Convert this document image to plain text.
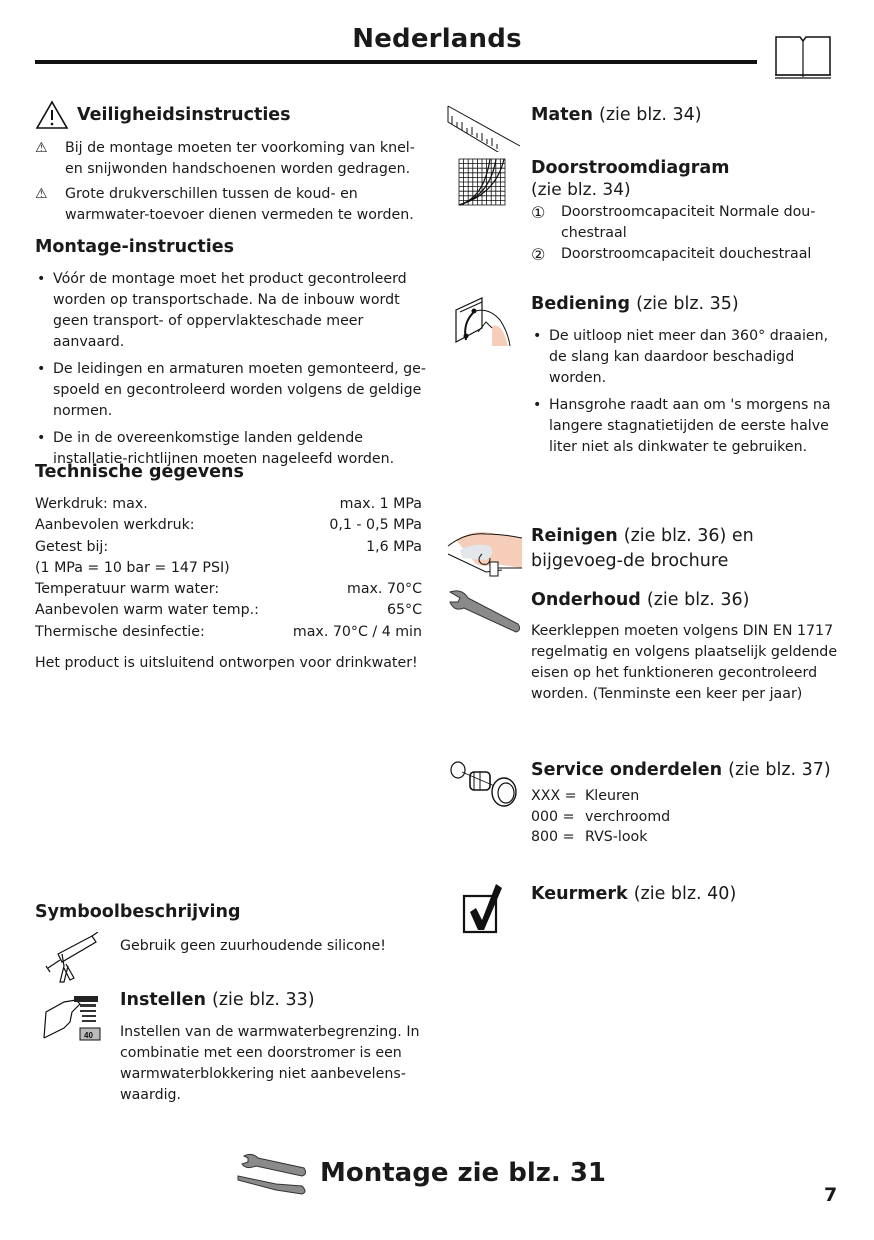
Nederlands
Veiligheidsinstructies
⚠	Bij de montage moeten ter voorkoming van knel- en snijwonden handschoenen worden gedragen.
⚠	Grote drukverschillen tussen de koud- en warmwater-toevoer dienen vermeden te worden.
Montage-instructies
• Vóór de montage moet het product gecontroleerd worden op transportschade. Na de inbouw wordt geen transport- of oppervlakteschade meer aanvaard.
• De leidingen en armaturen moeten gemonteerd, ge-spoeld en gecontroleerd worden volgens de geldige normen.
• De in de overeenkomstige landen geldende installatie-richtlijnen moeten nageleefd worden.
Technische gegevens
Werkdruk: max.	max. 1 MPa
Aanbevolen werkdruk:	0,1 - 0,5 MPa
Getest bij:	1,6 MPa
(1 MPa = 10 bar = 147 PSI)
Temperatuur warm water:	max. 70°C
Aanbevolen warm water temp.:	65°C
Thermische desinfectie:	max. 70°C / 4 min
Het product is uitsluitend ontworpen voor drinkwater!
Symboolbeschrijving
Gebruik geen zuurhoudende silicone!
40
Instellen (zie blz. 33)
Instellen van de warmwaterbegrenzing. In combinatie met een doorstromer is een warmwaterblokkering niet aanbevelens-waardig.
Maten (zie blz. 34)
Doorstroomdiagram
(zie blz. 34)
①	Doorstroomcapaciteit Normale dou-chestraal
②	Doorstroomcapaciteit douchestraal
Bediening (zie blz. 35)
• De uitloop niet meer dan 360° draaien, de slang kan daardoor beschadigd worden.
• Hansgrohe raadt aan om 's morgens na langere stagnatietijden de eerste halve liter niet als dinkwater te gebruiken.
Reinigen (zie blz. 36) en bijgevoeg-de brochure
Onderhoud (zie blz. 36)
Keerkleppen moeten volgens DIN EN 1717 regelmatig en volgens plaatselijk geldende eisen op het funktioneren gecontroleerd worden. (Tenminste een keer per jaar)
Service onderdelen (zie blz. 37)
XXX = Kleuren
000 = verchroomd
800 = RVS-look
Keurmerk (zie blz. 40)
Montage zie blz. 31
7
